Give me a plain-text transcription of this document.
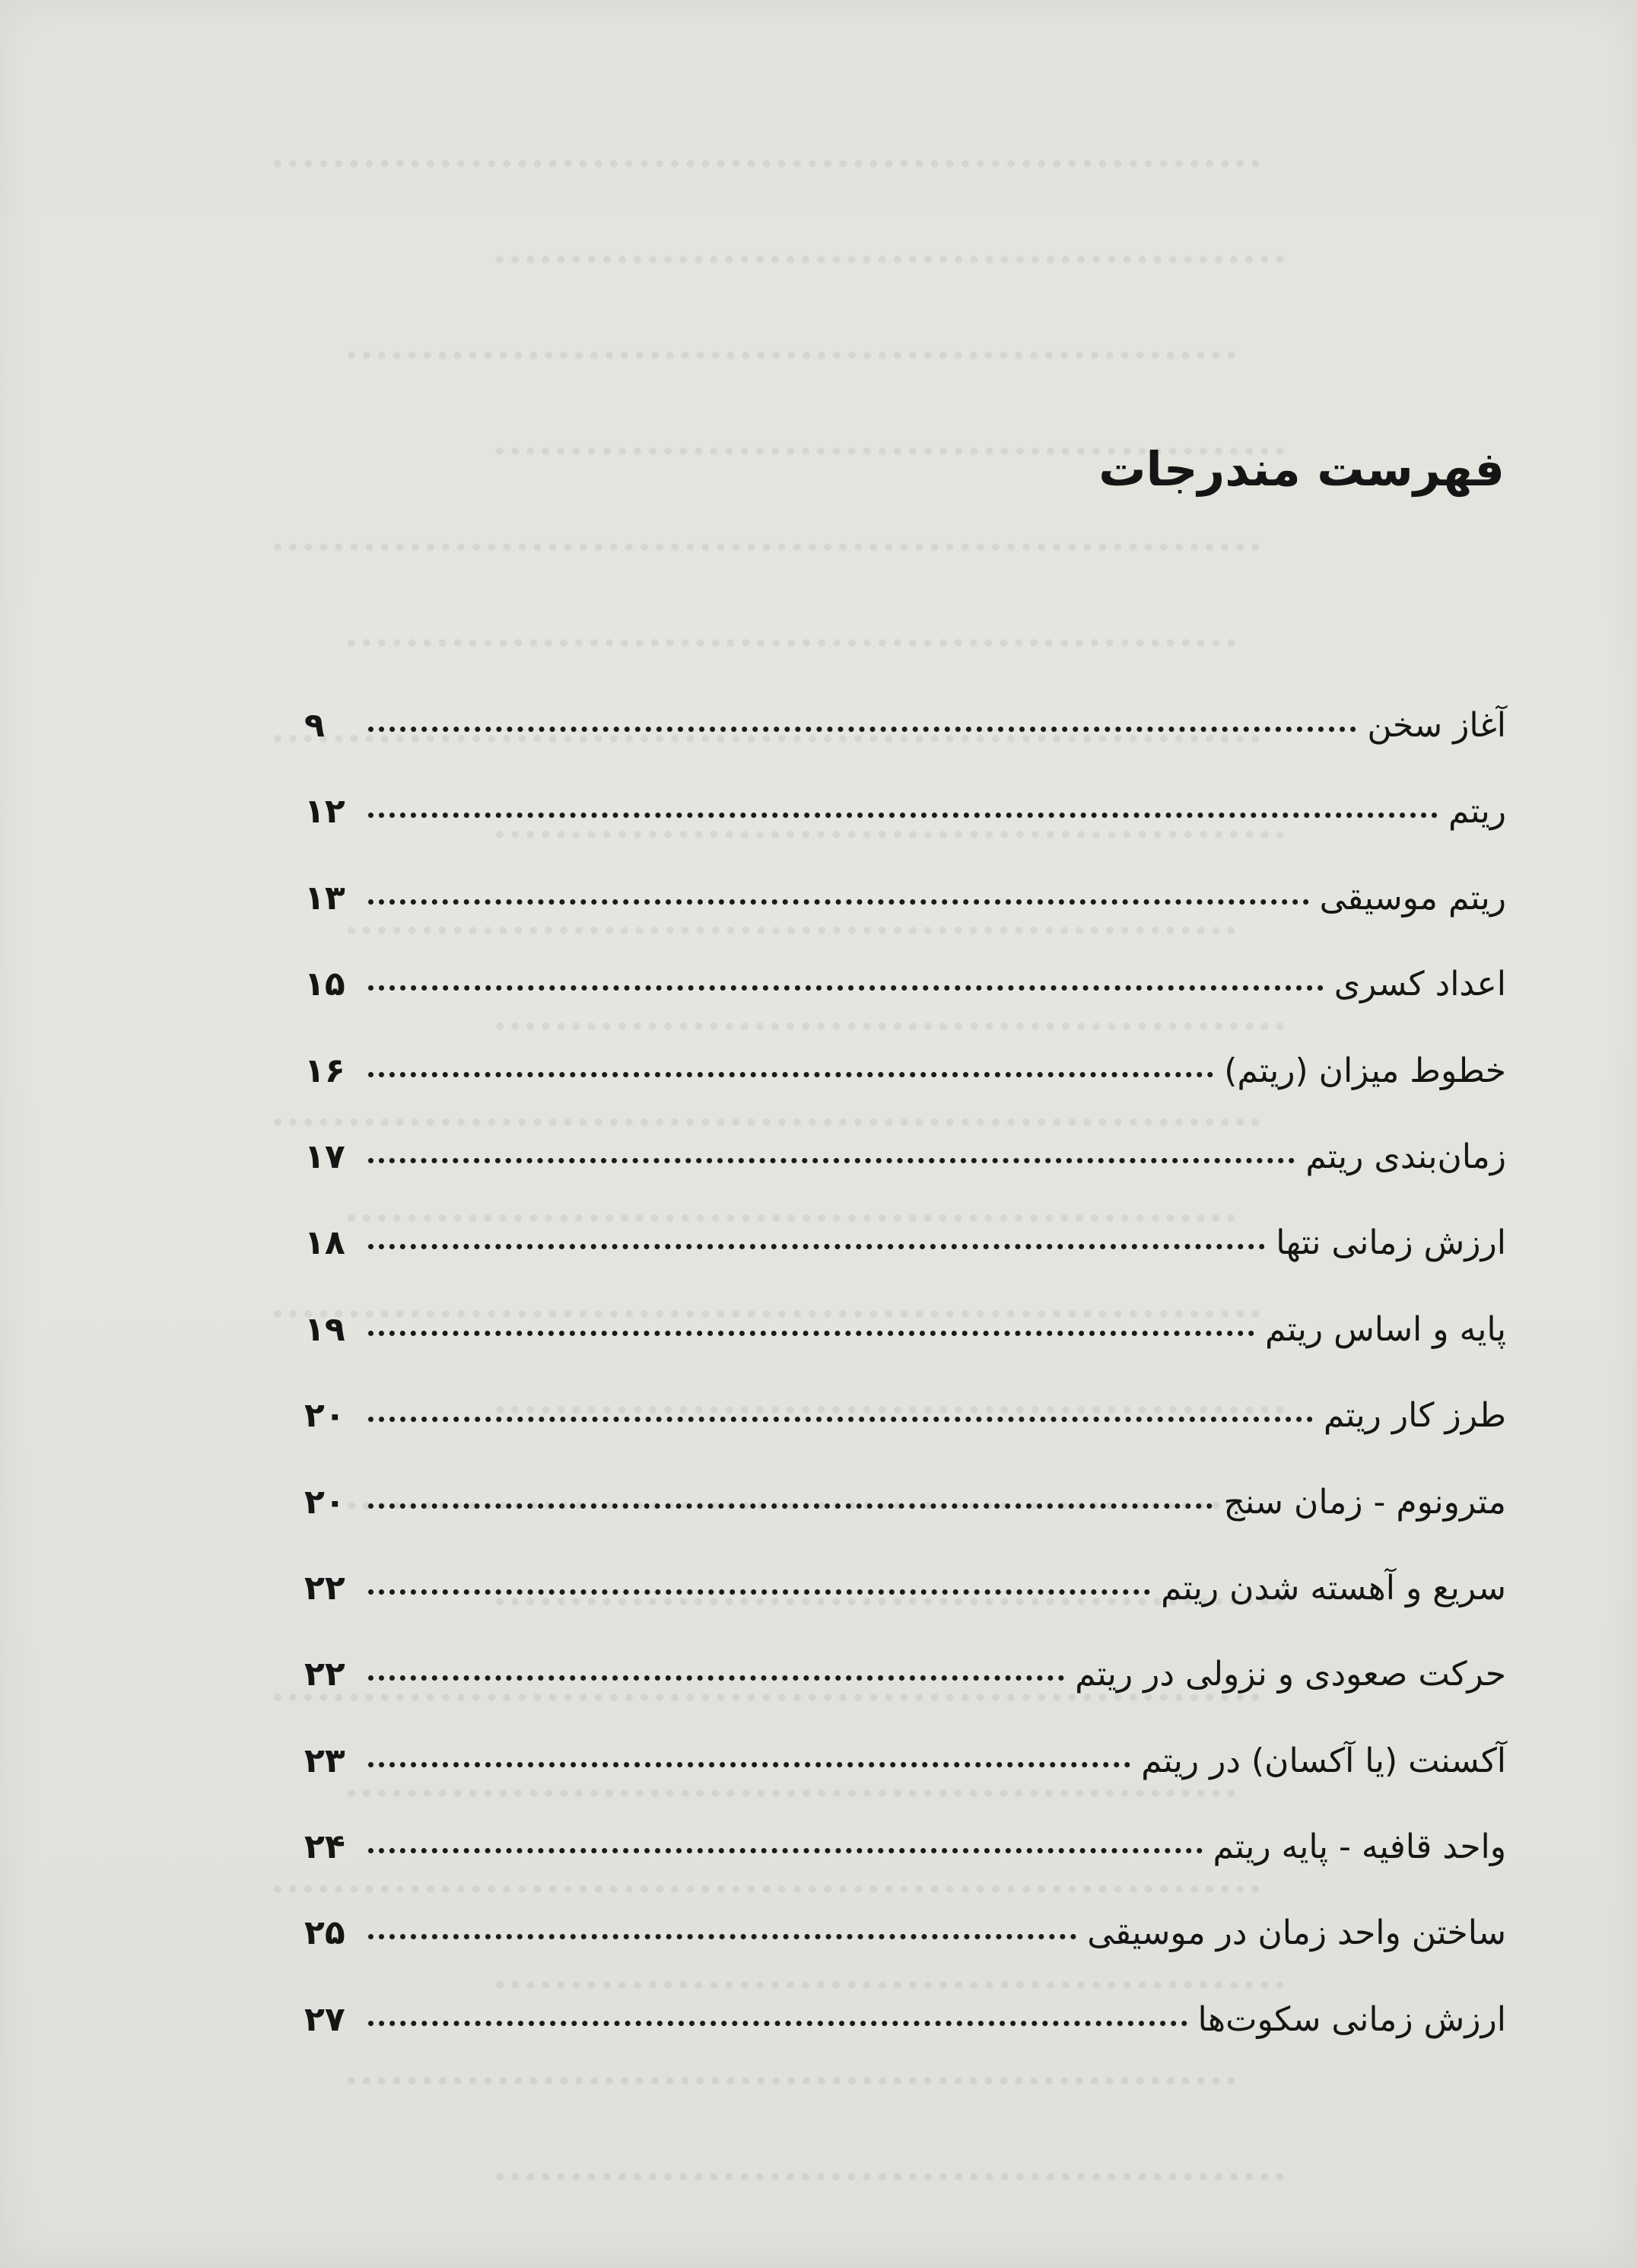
فهرست مندرجات
آغاز سخن
۹
ریتم
۱۲
ریتم موسیقی
۱۳
اعداد کسری
۱۵
خطوط میزان (ریتم)
۱۶
زمان‌بندی ریتم
۱۷
ارزش زمانی نتها
۱۸
پایه و اساس ریتم
۱۹
طرز کار ریتم
۲۰
مترونوم - زمان سنج
۲۰
سریع و آهسته شدن ریتم
۲۲
حرکت صعودی و نزولی در ریتم
۲۲
آکسنت (یا آکسان) در ریتم
۲۳
واحد قافیه - پایه ریتم
۲۴
ساختن واحد زمان در موسیقی
۲۵
ارزش زمانی سکوت‌ها
۲۷
